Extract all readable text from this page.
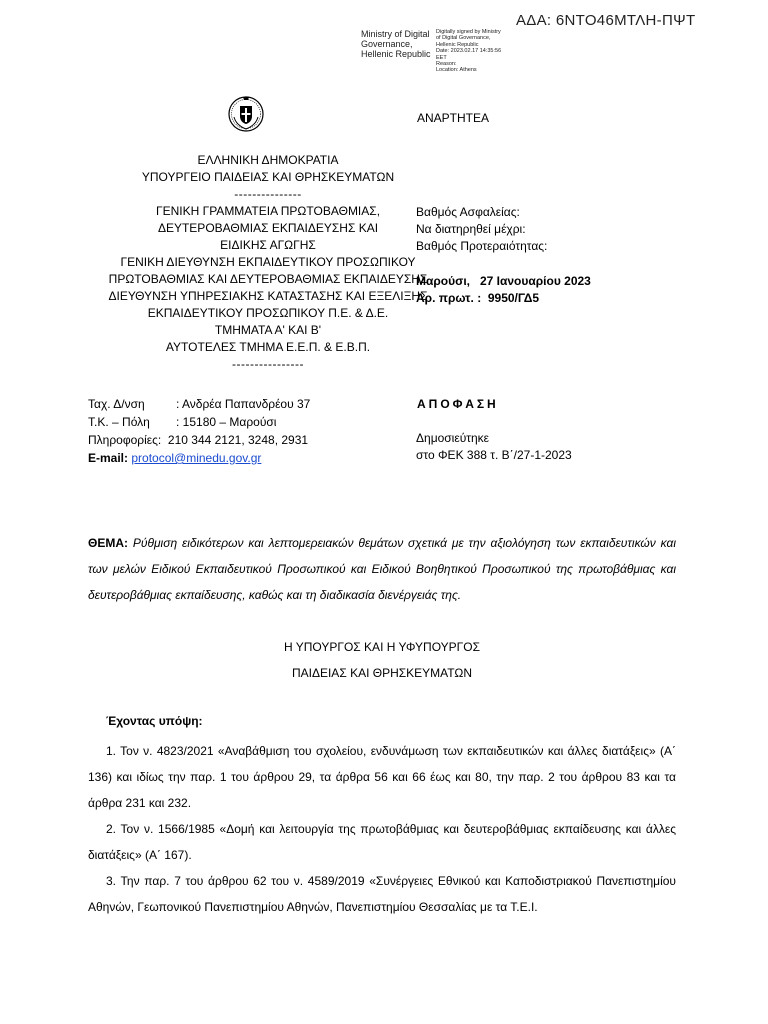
ΑΔΑ: 6ΝΤΟ46ΜΤΛΗ-ΠΨΤ
Ministry of Digital
Governance,
Hellenic Republic
Digitally signed by Ministry
of Digital Governance,
Hellenic Republic
Date: 2023.02.17 14:35:56
EET
Reason:
Location: Athens
ΑΝΑΡΤΗΤΕΑ
ΕΛΛΗΝΙΚΗ ΔΗΜΟΚΡΑΤΙΑ
ΥΠΟΥΡΓΕΙΟ ΠΑΙΔΕΙΑΣ ΚΑΙ ΘΡΗΣΚΕΥΜΑΤΩΝ
---------------
ΓΕΝΙΚΗ ΓΡΑΜΜΑΤΕΙΑ ΠΡΩΤΟΒΑΘΜΙΑΣ,
ΔΕΥΤΕΡΟΒΑΘΜΙΑΣ ΕΚΠΑΙΔΕΥΣΗΣ ΚΑΙ
ΕΙΔΙΚΗΣ ΑΓΩΓΗΣ
ΓΕΝΙΚΗ ΔΙΕΥΘΥΝΣΗ ΕΚΠΑΙΔΕΥΤΙΚΟΥ ΠΡΟΣΩΠΙΚΟΥ
ΠΡΩΤΟΒΑΘΜΙΑΣ ΚΑΙ ΔΕΥΤΕΡΟΒΑΘΜΙΑΣ ΕΚΠΑΙΔΕΥΣΗΣ
ΔΙΕΥΘΥΝΣΗ ΥΠΗΡΕΣΙΑΚΗΣ ΚΑΤΑΣΤΑΣΗΣ ΚΑΙ ΕΞΕΛΙΞΗΣ
ΕΚΠΑΙΔΕΥΤΙΚΟΥ ΠΡΟΣΩΠΙΚΟΥ Π.Ε. & Δ.Ε.
ΤΜΗΜΑΤΑ Α' ΚΑΙ Β'
ΑΥΤΟΤΕΛΕΣ ΤΜΗΜΑ Ε.Ε.Π. & Ε.Β.Π.
----------------
Βαθμός Ασφαλείας:
Να διατηρηθεί μέχρι:
Βαθμός Προτεραιότητας:
Μαρούσι,   27 Ιανουαρίου 2023
Αρ. πρωτ. :  9950/ΓΔ5
Ταχ. Δ/νση	: Ανδρέα Παπανδρέου 37
Τ.Κ. – Πόλη : 15180 – Μαρούσι
Πληροφορίες:  210 344 2121, 3248, 2931
E-mail: protocol@minedu.gov.gr
ΑΠΟΦΑΣΗ
Δημοσιεύτηκε
στο ΦΕΚ 388 τ. Β΄/27-1-2023
ΘΕΜΑ: Ρύθμιση ειδικότερων και λεπτομερειακών θεμάτων σχετικά με την αξιολόγηση των εκπαιδευτικών και των μελών Ειδικού Εκπαιδευτικού Προσωπικού και Ειδικού Βοηθητικού Προσωπικού της πρωτοβάθμιας και δευτεροβάθμιας εκπαίδευσης, καθώς και τη διαδικασία διενέργειάς της.
Η ΥΠΟΥΡΓΟΣ ΚΑΙ Η ΥΦΥΠΟΥΡΓΟΣ
ΠΑΙΔΕΙΑΣ ΚΑΙ ΘΡΗΣΚΕΥΜΑΤΩΝ
Έχοντας υπόψη:
1. Τον ν. 4823/2021 «Αναβάθμιση του σχολείου, ενδυνάμωση των εκπαιδευτικών και άλλες διατάξεις» (Α΄ 136) και ιδίως την παρ. 1 του άρθρου 29, τα άρθρα 56 και 66 έως και 80, την παρ. 2 του άρθρου 83 και τα άρθρα 231 και 232.
2. Τον ν. 1566/1985 «Δομή και λειτουργία της πρωτοβάθμιας και δευτεροβάθμιας εκπαίδευσης και άλλες διατάξεις» (Α΄ 167).
3. Την παρ. 7 του άρθρου 62 του ν. 4589/2019 «Συνέργειες Εθνικού και Καποδιστριακού Πανεπιστημίου Αθηνών, Γεωπονικού Πανεπιστημίου Αθηνών, Πανεπιστημίου Θεσσαλίας με τα Τ.Ε.Ι.
